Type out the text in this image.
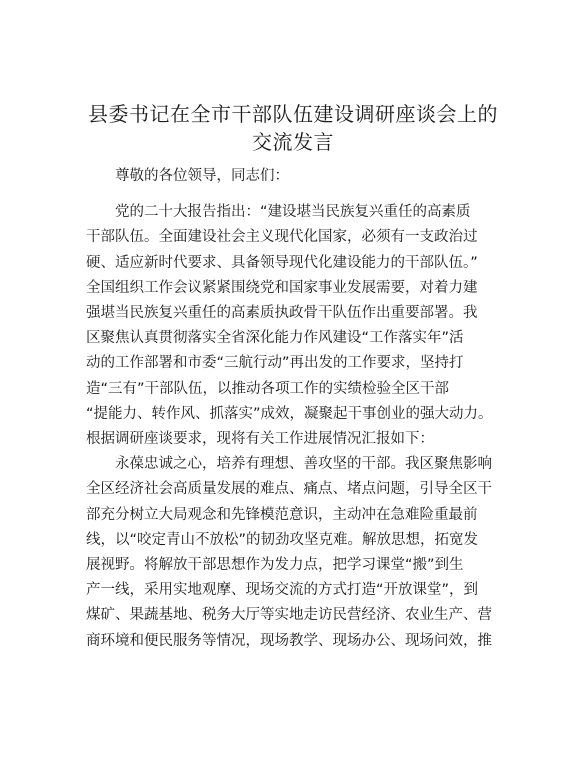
县委书记在全市干部队伍建设调研座谈会上的
交流发言

尊敬的各位领导，同志们：

党的二十大报告指出：“建设堪当民族复兴重任的高素质
干部队伍。全面建设社会主义现代化国家，必须有一支政治过
硬、适应新时代要求、具备领导现代化建设能力的干部队伍。”
全国组织工作会议紧紧围绕党和国家事业发展需要，对着力建
强堪当民族复兴重任的高素质执政骨干队伍作出重要部署。我
区聚焦认真贯彻落实全省深化能力作风建设“工作落实年”活
动的工作部署和市委“三航行动”再出发的工作要求，坚持打
造“三有”干部队伍，以推动各项工作的实绩检验全区干部
“提能力、转作风、抓落实”成效，凝聚起干事创业的强大动力。
根据调研座谈要求，现将有关工作进展情况汇报如下：

永葆忠诚之心，培养有理想、善攻坚的干部。我区聚焦影响
全区经济社会高质量发展的难点、痛点、堵点问题，引导全区干
部充分树立大局观念和先锋模范意识，主动冲在急难险重最前
线，以“咬定青山不放松”的韧劲攻坚克难。解放思想，拓宽发
展视野。将解放干部思想作为发力点，把学习课堂“搬”到生
产一线，采用实地观摩、现场交流的方式打造“开放课堂”，到
煤矿、果蔬基地、税务大厅等实地走访民营经济、农业生产、营
商环境和便民服务等情况，现场教学、现场办公、现场问效，推
